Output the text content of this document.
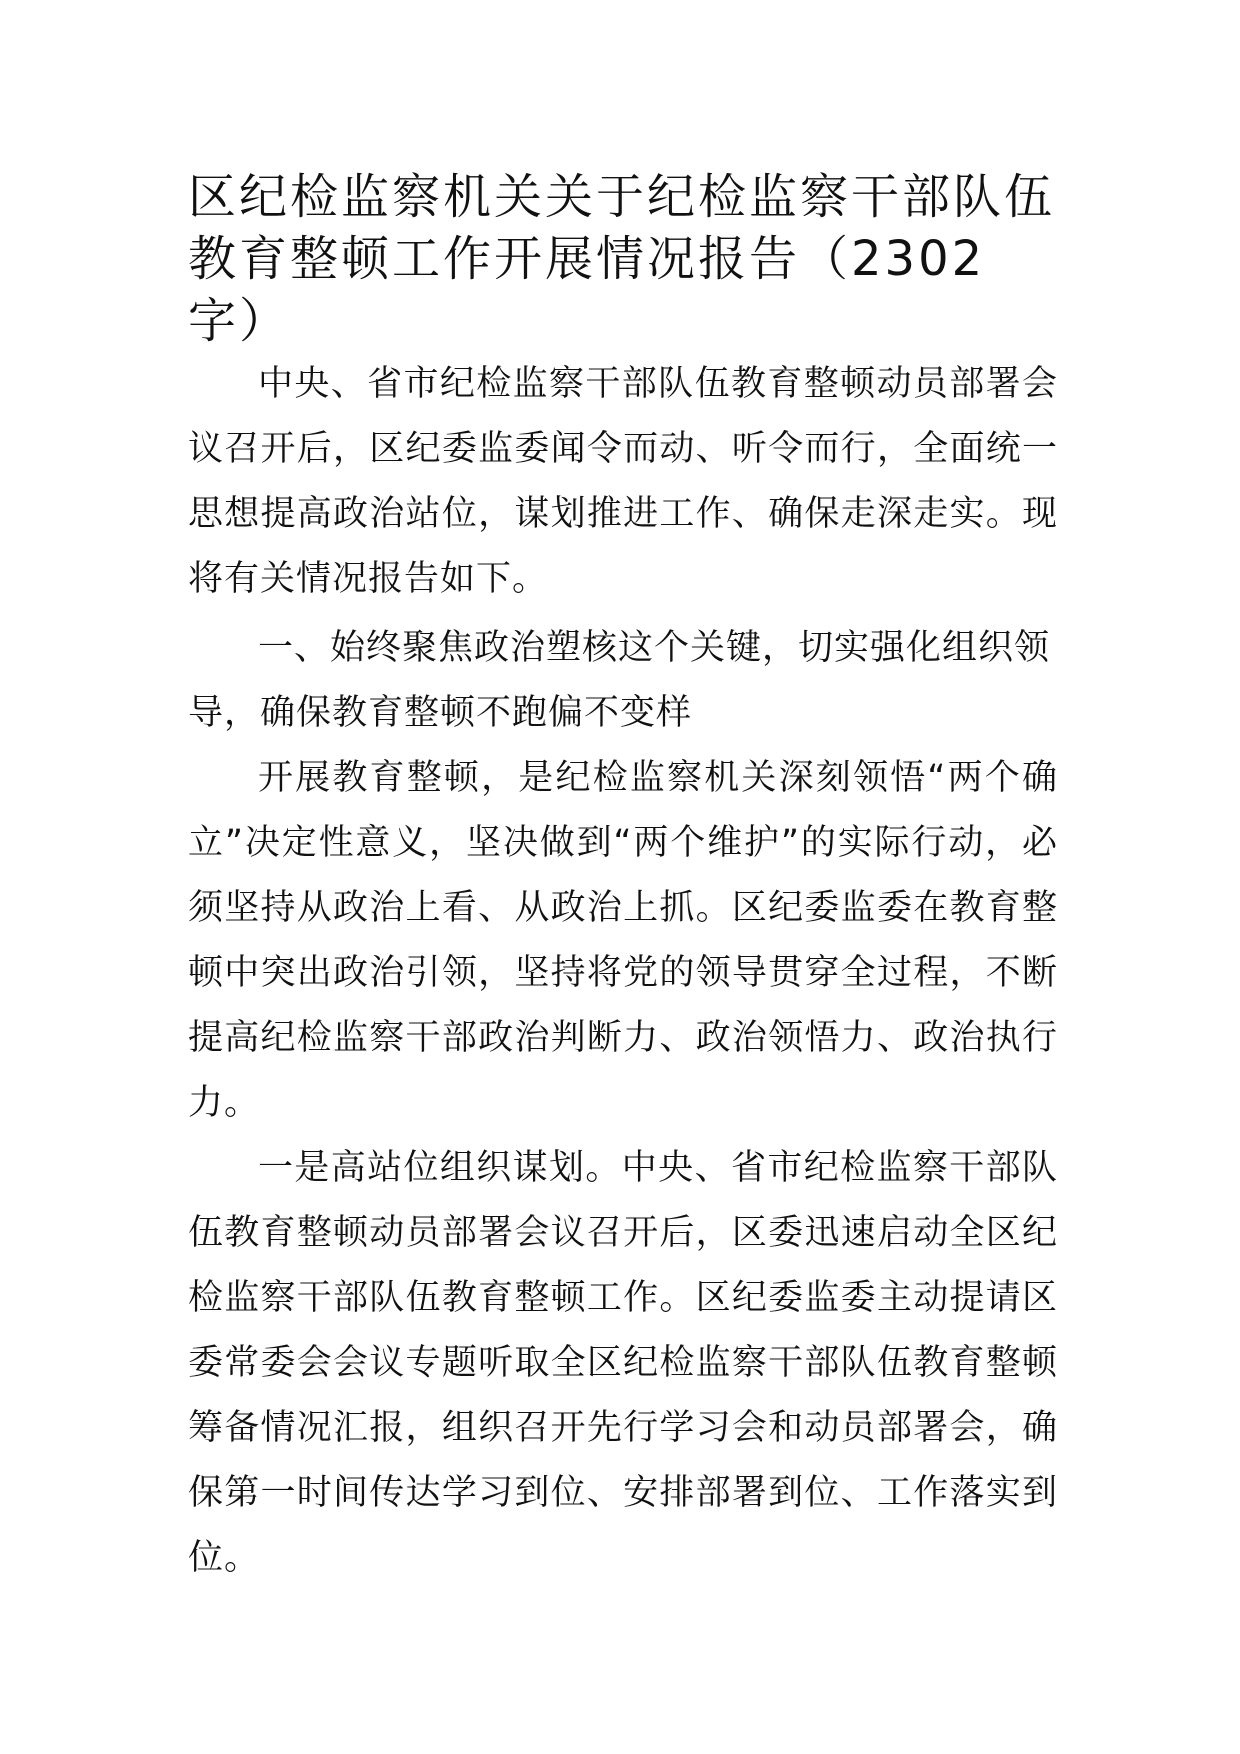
区纪检监察机关关于纪检监察干部队伍教育整顿工作开展情况报告（2302字）

中央、省市纪检监察干部队伍教育整顿动员部署会议召开后，区纪委监委闻令而动、听令而行，全面统一思想提高政治站位，谋划推进工作、确保走深走实。现将有关情况报告如下。

一、始终聚焦政治塑核这个关键，切实强化组织领导，确保教育整顿不跑偏不变样

开展教育整顿，是纪检监察机关深刻领悟“两个确立”决定性意义，坚决做到“两个维护”的实际行动，必须坚持从政治上看、从政治上抓。区纪委监委在教育整顿中突出政治引领，坚持将党的领导贯穿全过程，不断提高纪检监察干部政治判断力、政治领悟力、政治执行力。

一是高站位组织谋划。中央、省市纪检监察干部队伍教育整顿动员部署会议召开后，区委迅速启动全区纪检监察干部队伍教育整顿工作。区纪委监委主动提请区委常委会会议专题听取全区纪检监察干部队伍教育整顿筹备情况汇报，组织召开先行学习会和动员部署会，确保第一时间传达学习到位、安排部署到位、工作落实到位。
